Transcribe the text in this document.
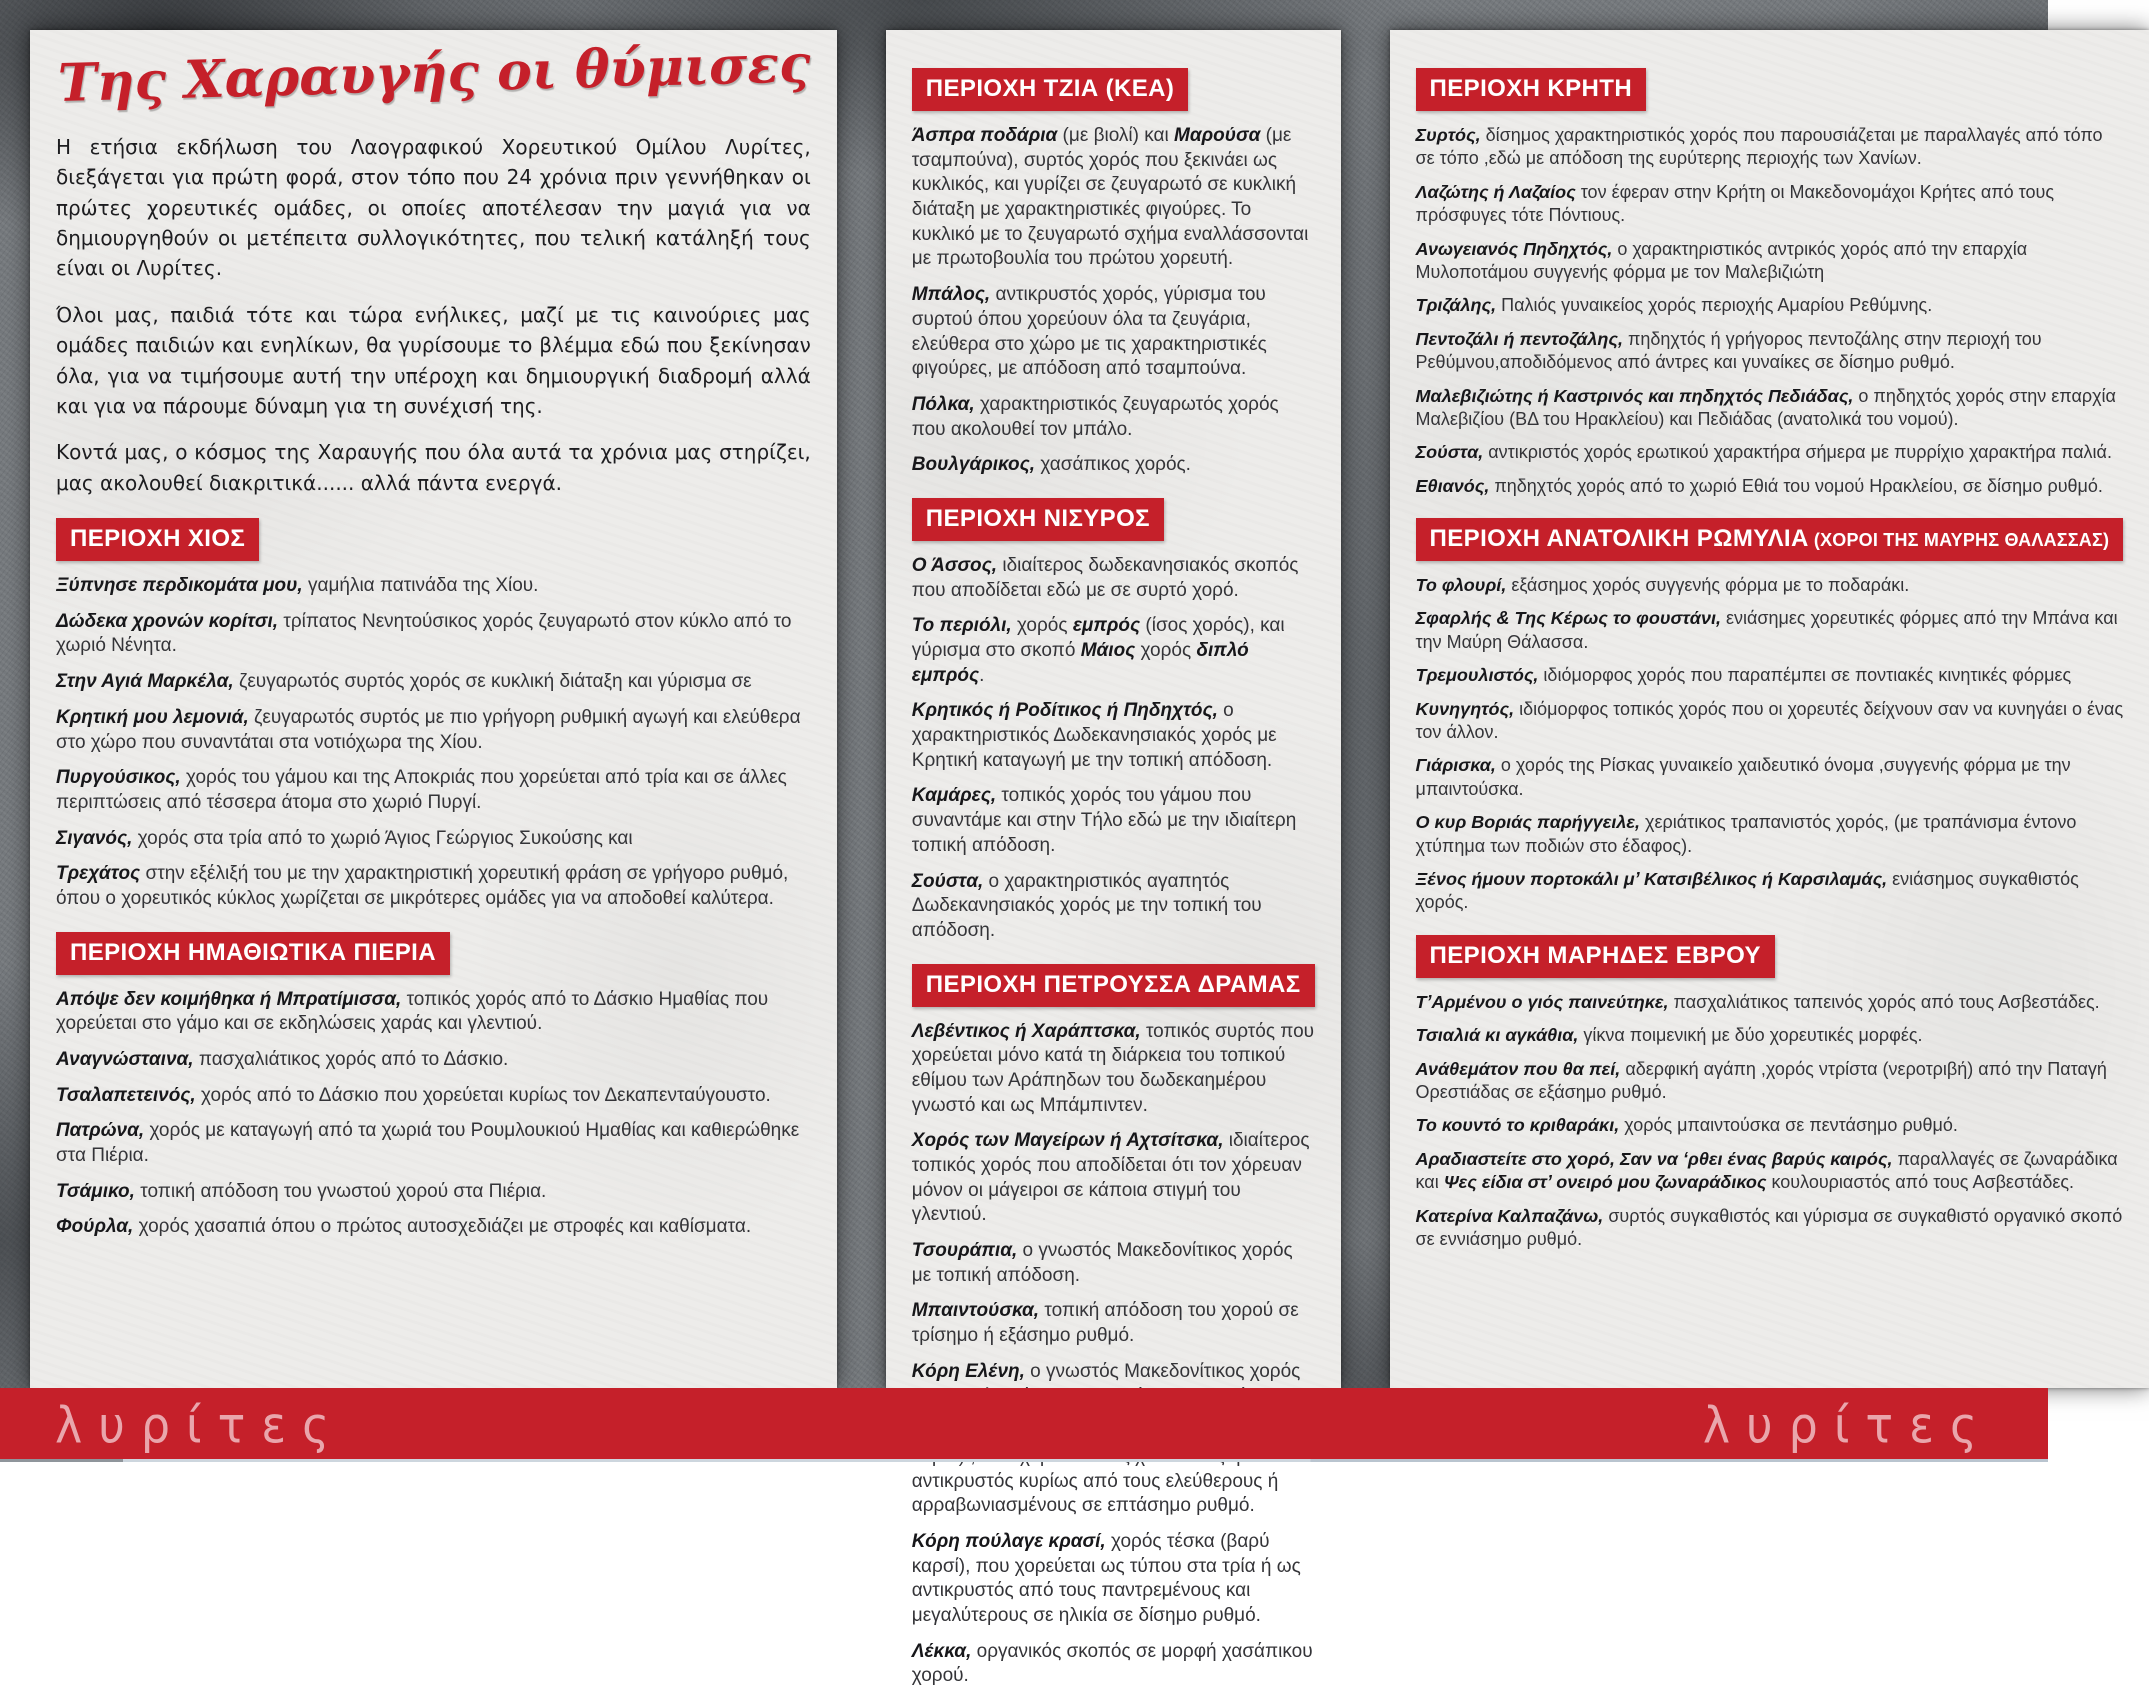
Της Χαραυγής οι θύμισες

Η ετήσια εκδήλωση του Λαογραφικού Χορευτικού Ομίλου Λυρίτες, διεξάγεται για πρώτη φορά, στον τόπο που 24 χρόνια πριν γεννήθηκαν οι πρώτες χορευτικές ομάδες, οι οποίες αποτέλεσαν την μαγιά για να δημιουργηθούν οι μετέπειτα συλλογικότητες, που τελική κατάληξή τους είναι οι Λυρίτες.

Όλοι μας, παιδιά τότε και τώρα ενήλικες, μαζί με τις καινούριες μας ομάδες παιδιών και ενηλίκων, θα γυρίσουμε το βλέμμα εδώ που ξεκίνησαν όλα, για να τιμήσουμε αυτή την υπέροχη και δημιουργική διαδρομή αλλά και για να πάρουμε δύναμη για τη συνέχισή της.

Κοντά μας, ο κόσμος της Χαραυγής που όλα αυτά τα χρόνια μας στηρίζει, μας ακολουθεί διακριτικά...... αλλά πάντα ενεργά.

ΠΕΡΙΟΧΗ ΧΙΟΣ

Ξύπνησε περδικομάτα μου, γαμήλια πατινάδα της Χίου.

Δώδεκα χρονών κορίτσι, τρίπατος Νενητούσικος χορός ζευγαρωτό στον κύκλο από το χωριό Νένητα.

Στην Αγιά Μαρκέλα, ζευγαρωτός συρτός χορός σε κυκλική διάταξη και γύρισμα σε

Κρητική μου λεμονιά, ζευγαρωτός συρτός με πιο γρήγορη ρυθμική αγωγή και ελεύθερα στο χώρο που συναντάται στα νοτιόχωρα της Χίου.

Πυργούσικος, χορός του γάμου και της Αποκριάς που χορεύεται από τρία και σε άλλες περιπτώσεις από τέσσερα άτομα στο χωριό Πυργί.

Σιγανός, χορός στα τρία από το χωριό Άγιος Γεώργιος Συκούσης και

Τρεχάτος στην εξέλιξή του με την χαρακτηριστική χορευτική φράση σε γρήγορο ρυθμό, όπου ο χορευτικός κύκλος χωρίζεται σε μικρότερες ομάδες για να αποδοθεί καλύτερα.

ΠΕΡΙΟΧΗ ΗΜΑΘΙΩΤΙΚΑ ΠΙΕΡΙΑ

Απόψε δεν κοιμήθηκα ή Μπρατίμισσα, τοπικός χορός από το Δάσκιο Ημαθίας που χορεύεται στο γάμο και σε εκδηλώσεις χαράς και γλεντιού.

Αναγνώσταινα, πασχαλιάτικος χορός από το Δάσκιο.

Τσαλαπετεινός, χορός από το Δάσκιο που χορεύεται κυρίως τον Δεκαπενταύγουστο.

Πατρώνα, χορός με καταγωγή από τα χωριά του Ρουμλουκιού Ημαθίας και καθιερώθηκε στα Πιέρια.

Τσάμικο, τοπική απόδοση του γνωστού χορού στα Πιέρια.

Φούρλα, χορός χασαπιά όπου ο πρώτος αυτοσχεδιάζει με στροφές και καθίσματα.

ΠΕΡΙΟΧΗ ΤΖΙΑ (ΚΕΑ)

Άσπρα ποδάρια (με βιολί) και Μαρούσα (με τσαμπούνα), συρτός χορός που ξεκινάει ως κυκλικός, και γυρίζει σε ζευγαρωτό σε κυκλική διάταξη με χαρακτηριστικές φιγούρες. Το κυκλικό με το ζευγαρωτό σχήμα εναλλάσσονται με πρωτοβουλία του πρώτου χορευτή.

Μπάλος, αντικρυστός χορός, γύρισμα του συρτού όπου χορεύουν όλα τα ζευγάρια, ελεύθερα στο χώρο με τις χαρακτηριστικές φιγούρες, με απόδοση από τσαμπούνα.

Πόλκα, χαρακτηριστικός ζευγαρωτός χορός που ακολουθεί τον μπάλο.

Βουλγάρικος, χασάπικος χορός.

ΠΕΡΙΟΧΗ ΝΙΣΥΡΟΣ

Ο Άσσος, ιδιαίτερος δωδεκανησιακός σκοπός που αποδίδεται εδώ με σε συρτό χορό.

Το περιόλι, χορός εμπρός (ίσος χορός), και γύρισμα στο σκοπό Μάιος χορός διπλό εμπρός.

Κρητικός ή Ροδίτικος ή Πηδηχτός, ο χαρακτηριστικός Δωδεκανησιακός χορός με Κρητική καταγωγή με την τοπική απόδοση.

Καμάρες, τοπικός χορός του γάμου που συναντάμε και στην Τήλο εδώ με την ιδιαίτερη τοπική απόδοση.

Σούστα, ο χαρακτηριστικός αγαπητός Δωδεκανησιακός χορός με την τοπική του απόδοση.

ΠΕΡΙΟΧΗ ΠΕΤΡΟΥΣΣΑ ΔΡΑΜΑΣ

Λεβέντικος ή Χαράπτσκα, τοπικός συρτός που χορεύεται μόνο κατά τη διάρκεια του τοπικού εθίμου των Αράπηδων του δωδεκαημέρου γνωστό και ως Μπάμπιντεν.

Χορός των Μαγείρων ή Αχτσίτσκα, ιδιαίτερος τοπικός χορός που αποδίδεται ότι τον χόρευαν μόνον οι μάγειροι σε κάποια στιγμή του γλεντιού.

Τσουράπια, ο γνωστός Μακεδονίτικος χορός με τοπική απόδοση.

Μπαιντούσκα, τοπική απόδοση του χορού σε τρίσημο ή εξάσημο ρυθμό.

Κόρη Ελένη, ο γνωστός Μακεδονίτικος χορός

αντικρυστός κυρίως από τους ελεύθερους ή αρραβωνιασμένους σε επτάσημο ρυθμό.

Κόρη πούλαγε κρασί, χορός τέσκα (βαρύ καρσί), που χορεύεται ως τύπου στα τρία ή ως αντικρυστός από τους παντρεμένους και μεγαλύτερους σε ηλικία σε δίσημο ρυθμό.

Λέκκα, οργανικός σκοπός σε μορφή χασάπικου χορού.

ΠΕΡΙΟΧΗ ΚΡΗΤΗ

Συρτός, δίσημος χαρακτηριστικός χορός που παρουσιάζεται με παραλλαγές από τόπο σε τόπο ,εδώ με απόδοση της ευρύτερης περιοχής των Χανίων.

Λαζώτης ή Λαζαίος τον έφεραν στην Κρήτη οι Μακεδονομάχοι Κρήτες από τους πρόσφυγες τότε Πόντιους.

Ανωγειανός Πηδηχτός, ο χαρακτηριστικός αντρικός χορός από την επαρχία Μυλοποτάμου συγγενής φόρμα με τον Μαλεβιζιώτη

Τριζάλης, Παλιός γυναικείος χορός περιοχής Αμαρίου Ρεθύμνης.

Πεντοζάλι ή πεντοζάλης, πηδηχτός ή γρήγορος πεντοζάλης στην περιοχή του Ρεθύμνου,αποδιδόμενος από άντρες και γυναίκες σε δίσημο ρυθμό.

Μαλεβιζιώτης ή Καστρινός και πηδηχτός Πεδιάδας, ο πηδηχτός χορός στην επαρχία Μαλεβιζίου (ΒΔ του Ηρακλείου) και Πεδιάδας (ανατολικά του νομού).

Σούστα, αντικριστός χορός ερωτικού χαρακτήρα σήμερα με πυρρίχιο χαρακτήρα παλιά.

Εθιανός, πηδηχτός χορός από το χωριό Εθιά του νομού Ηρακλείου, σε δίσημο ρυθμό.

ΠΕΡΙΟΧΗ ΑΝΑΤΟΛΙΚΗ ΡΩΜΥΛΙΑ (ΧΟΡΟΙ ΤΗΣ ΜΑΥΡΗΣ ΘΑΛΑΣΣΑΣ)

Το φλουρί, εξάσημος χορός συγγενής φόρμα με το ποδαράκι.

Σφαρλής & Της Κέρως το φουστάνι, ενιάσημες χορευτικές φόρμες από την Μπάνα και την Μαύρη Θάλασσα.

Τρεμουλιστός, ιδιόμορφος χορός που παραπέμπει σε ποντιακές κινητικές φόρμες

Κυνηγητός, ιδιόμορφος τοπικός χορός που οι χορευτές δείχνουν σαν να κυνηγάει ο ένας τον άλλον.

Γιάρισκα, ο χορός της Ρίσκας γυναικείο χαιδευτικό όνομα ,συγγενής φόρμα με την μπαιντούσκα.

Ο κυρ Βοριάς παρήγγειλε, χεριάτικος τραπανιστός χορός, (με τραπάνισμα έντονο χτύπημα των ποδιών στο έδαφος).

Ξένος ήμουν πορτοκάλι μ’ Κατσιβέλικος ή Καρσιλαμάς, ενιάσημος συγκαθιστός χορός.

ΠΕΡΙΟΧΗ ΜΑΡΗΔΕΣ ΕΒΡΟΥ

Τ’Αρμένου ο γιός παινεύτηκε, πασχαλιάτικος ταπεινός χορός από τους Ασβεστάδες.

Τσιαλιά κι αγκάθια, γίκνα ποιμενική με δύο χορευτικές μορφές.

Ανάθεμάτον που θα πεί, αδερφική αγάπη ,χορός ντρίστα (νεροτριβή) από την Παταγή Ορεστιάδας σε εξάσημο ρυθμό.

Το κουντό το κριθαράκι, χορός μπαιντούσκα σε πεντάσημο ρυθμό.

Αραδιαστείτε στο χορό, Σαν να ‘ρθει ένας βαρύς καιρός, παραλλαγές σε ζωναράδικα και Ψες είδια στ’ ονειρό μου ζωναράδικος κουλουριαστός από τους Ασβεστάδες.

Κατερίνα Καλπαζάνω, συρτός συγκαθιστός και γύρισμα σε συγκαθιστό οργανικό σκοπό σε εννιάσημο ρυθμό.

λυρίτες	λυρίτες
